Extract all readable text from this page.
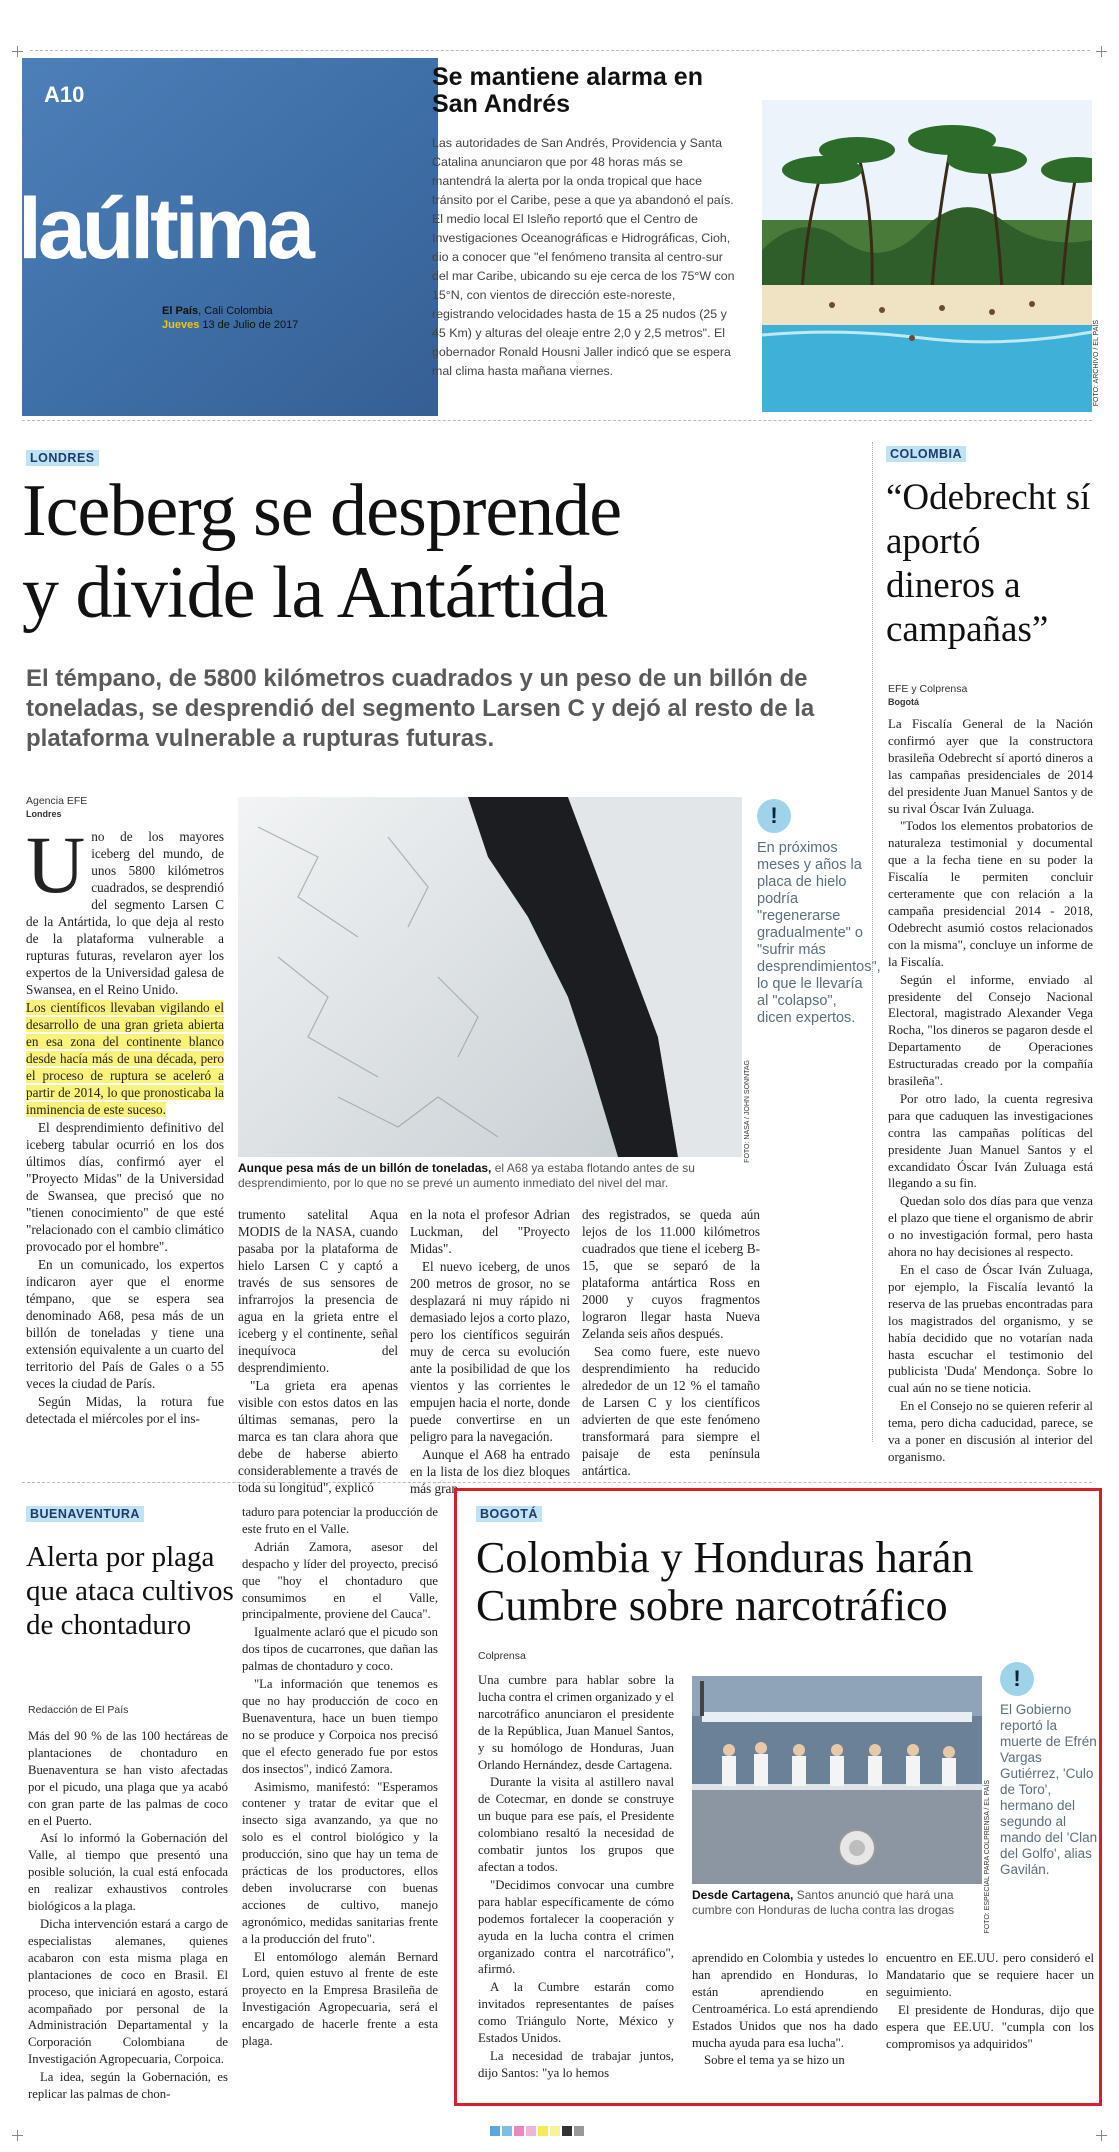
A10
laúltima
El País, Cali Colombia
Jueves 13 de Julio de 2017
Se mantiene alarma en San Andrés
Las autoridades de San Andrés, Providencia y Santa Catalina anunciaron que por 48 horas más se mantendrá la alerta por la onda tropical que hace tránsito por el Caribe, pese a que ya abandonó el país. El medio local El Isleño reportó que el Centro de Investigaciones Oceanográficas e Hidrográficas, Cioh, dio a conocer que "el fenómeno transita al centro-sur del mar Caribe, ubicando su eje cerca de los 75°W con 15°N, con vientos de dirección este-noreste, registrando velocidades hasta de 15 a 25 nudos (25 y 45 Km) y alturas del oleaje entre 2,0 y 2,5 metros". El gobernador Ronald Housni Jaller indicó que se espera mal clima hasta mañana viernes.	FOTO: ARCHIVO / EL PAÍS
LONDRES
Iceberg se desprende
y divide la Antártida
El témpano, de 5800 kilómetros cuadrados y un peso de un billón de toneladas, se desprendió del segmento Larsen C y dejó al resto de la plataforma vulnerable a rupturas futuras.
Agencia EFE
Londres
U no de los mayores iceberg del mundo, de unos 5800 kilómetros cuadrados, se desprendió del segmento Larsen C de la Antártida, lo que deja al resto de la plataforma vulnerable a rupturas futuras, revelaron ayer los expertos de la Universidad galesa de Swansea, en el Reino Unido.

Los científicos llevaban vigilando el desarrollo de una gran grieta abierta en esa zona del continente blanco desde hacía más de una década, pero el proceso de ruptura se aceleró a partir de 2014, lo que pronosticaba la inminencia de este suceso.

El desprendimiento definitivo del iceberg tabular ocurrió en los dos últimos días, confirmó ayer el "Proyecto Midas" de la Universidad de Swansea, que precisó que no "tienen conocimiento" de que esté "relacionado con el cambio climático provocado por el hombre".

En un comunicado, los expertos indicaron ayer que el enorme témpano, que se espera sea denominado A68, pesa más de un billón de toneladas y tiene una extensión equivalente a un cuarto del territorio del País de Gales o a 55 veces la ciudad de París.

Según Midas, la rotura fue detectada el miércoles por el ins-

FOTO: NASA / JOHN SONNTAG
Aunque pesa más de un billón de toneladas, el A68 ya estaba flotando antes de su desprendimiento, por lo que no se prevé un aumento inmediato del nivel del mar.
!
En próximos meses y años la placa de hielo podría "regenerarse gradualmente" o "sufrir más desprendimientos", lo que le llevaría al "colapso", dicen expertos.

trumento satelital Aqua MODIS de la NASA, cuando pasaba por la plataforma de hielo Larsen C y captó a través de sus sensores de infrarrojos la presencia de agua en la grieta entre el iceberg y el continente, señal inequívoca del desprendimiento.

"La grieta era apenas visible con estos datos en las últimas semanas, pero la marca es tan clara ahora que debe de haberse abierto considerablemente a través de toda su longitud", explicó

en la nota el profesor Adrian Luckman, del "Proyecto Midas".

El nuevo iceberg, de unos 200 metros de grosor, no se desplazará ni muy rápido ni demasiado lejos a corto plazo, pero los científicos seguirán muy de cerca su evolución ante la posibilidad de que los vientos y las corrientes le empujen hacia el norte, donde puede convertirse en un peligro para la navegación.

Aunque el A68 ha entrado en la lista de los diez bloques más gran-

des registrados, se queda aún lejos de los 11.000 kilómetros cuadrados que tiene el iceberg B-15, que se separó de la plataforma antártica Ross en 2000 y cuyos fragmentos lograron llegar hasta Nueva Zelanda seis años después.

Sea como fuere, este nuevo desprendimiento ha reducido alrededor de un 12 % el tamaño de Larsen C y los científicos advierten de que este fenómeno transformará para siempre el paisaje de esta península antártica.

COLOMBIA
“Odebrecht sí aportó dineros a campañas”
EFE y Colprensa
Bogotá

La Fiscalía General de la Nación confirmó ayer que la constructora brasileña Odebrecht sí aportó dineros a las campañas presidenciales de 2014 del presidente Juan Manuel Santos y de su rival Óscar Iván Zuluaga.

"Todos los elementos probatorios de naturaleza testimonial y documental que a la fecha tiene en su poder la Fiscalía le permiten concluir certeramente que con relación a la campaña presidencial 2014 - 2018, Odebrecht asumió costos relacionados con la misma", concluye un informe de la Fiscalía.

Según el informe, enviado al presidente del Consejo Nacional Electoral, magistrado Alexander Vega Rocha, "los dineros se pagaron desde el Departamento de Operaciones Estructuradas creado por la compañía brasileña".

Por otro lado, la cuenta regresiva para que caduquen las investigaciones contra las campañas políticas del presidente Juan Manuel Santos y el excandidato Óscar Iván Zuluaga está llegando a su fin.

Quedan solo dos días para que venza el plazo que tiene el organismo de abrir o no investigación formal, pero hasta ahora no hay decisiones al respecto.

En el caso de Óscar Iván Zuluaga, por ejemplo, la Fiscalía levantó la reserva de las pruebas encontradas para los magistrados del organismo, y se había decidido que no votarían nada hasta escuchar el testimonio del publicista 'Duda' Mendonça. Sobre lo cual aún no se tiene noticia.

En el Consejo no se quieren referir al tema, pero dicha caducidad, parece, se va a poner en discusión al interior del organismo.

BUENAVENTURA
Alerta por plaga que ataca cultivos de chontaduro
Redacción de El País

Más del 90 % de las 100 hectáreas de plantaciones de chontaduro en Buenaventura se han visto afectadas por el picudo, una plaga que ya acabó con gran parte de las palmas de coco en el Puerto.

Así lo informó la Gobernación del Valle, al tiempo que presentó una posible solución, la cual está enfocada en realizar exhaustivos controles biológicos a la plaga.

Dicha intervención estará a cargo de especialistas alemanes, quienes acabaron con esta misma plaga en plantaciones de coco en Brasil. El proceso, que iniciará en agosto, estará acompañado por personal de la Administración Departamental y la Corporación Colombiana de Investigación Agropecuaria, Corpoica.

La idea, según la Gobernación, es replicar las palmas de chon-

taduro para potenciar la producción de este fruto en el Valle.

Adrián Zamora, asesor del despacho y líder del proyecto, precisó que "hoy el chontaduro que consumimos en el Valle, principalmente, proviene del Cauca".

Igualmente aclaró que el picudo son dos tipos de cucarrones, que dañan las palmas de chontaduro y coco.

"La información que tenemos es que no hay producción de coco en Buenaventura, hace un buen tiempo no se produce y Corpoica nos precisó que el efecto generado fue por estos dos insectos", indicó Zamora.

Asimismo, manifestó: "Esperamos contener y tratar de evitar que el insecto siga avanzando, ya que no solo es el control biológico y la producción, sino que hay un tema de prácticas de los productores, ellos deben involucrarse con buenas acciones de cultivo, manejo agronómico, medidas sanitarias frente a la producción del fruto".

El entomólogo alemán Bernard Lord, quien estuvo al frente de este proyecto en la Empresa Brasileña de Investigación Agropecuaria, será el encargado de hacerle frente a esta plaga.

BOGOTÁ
Colombia y Honduras harán
Cumbre sobre narcotráfico
Colprensa

Una cumbre para hablar sobre la lucha contra el crimen organizado y el narcotráfico anunciaron el presidente de la República, Juan Manuel Santos, y su homólogo de Honduras, Juan Orlando Hernández, desde Cartagena.

Durante la visita al astillero naval de Cotecmar, en donde se construye un buque para ese país, el Presidente colombiano resaltó la necesidad de combatir juntos los grupos que afectan a todos.

"Decidimos convocar una cumbre para hablar específicamente de cómo podemos fortalecer la cooperación y ayuda en la lucha contra el crimen organizado contra el narcotráfico", afirmó.

A la Cumbre estarán como invitados representantes de países como Triángulo Norte, México y Estados Unidos.

La necesidad de trabajar juntos, dijo Santos: "ya lo hemos

FOTO: ESPECIAL PARA COLPRENSA / EL PAÍS
Desde Cartagena, Santos anunció que hará una cumbre con Honduras de lucha contra las drogas
!
El Gobierno reportó la muerte de Efrén Vargas Gutiérrez, 'Culo de Toro', hermano del segundo al mando del 'Clan del Golfo', alias Gavilán.

aprendido en Colombia y ustedes lo han aprendido en Honduras, lo están aprendiendo en Centroamérica. Lo está aprendiendo Estados Unidos que nos ha dado mucha ayuda para esa lucha".

Sobre el tema ya se hizo un

encuentro en EE.UU. pero consideró el Mandatario que se requiere hacer un seguimiento.

El presidente de Honduras, dijo que espera que EE.UU. "cumpla con los compromisos ya adquiridos"
